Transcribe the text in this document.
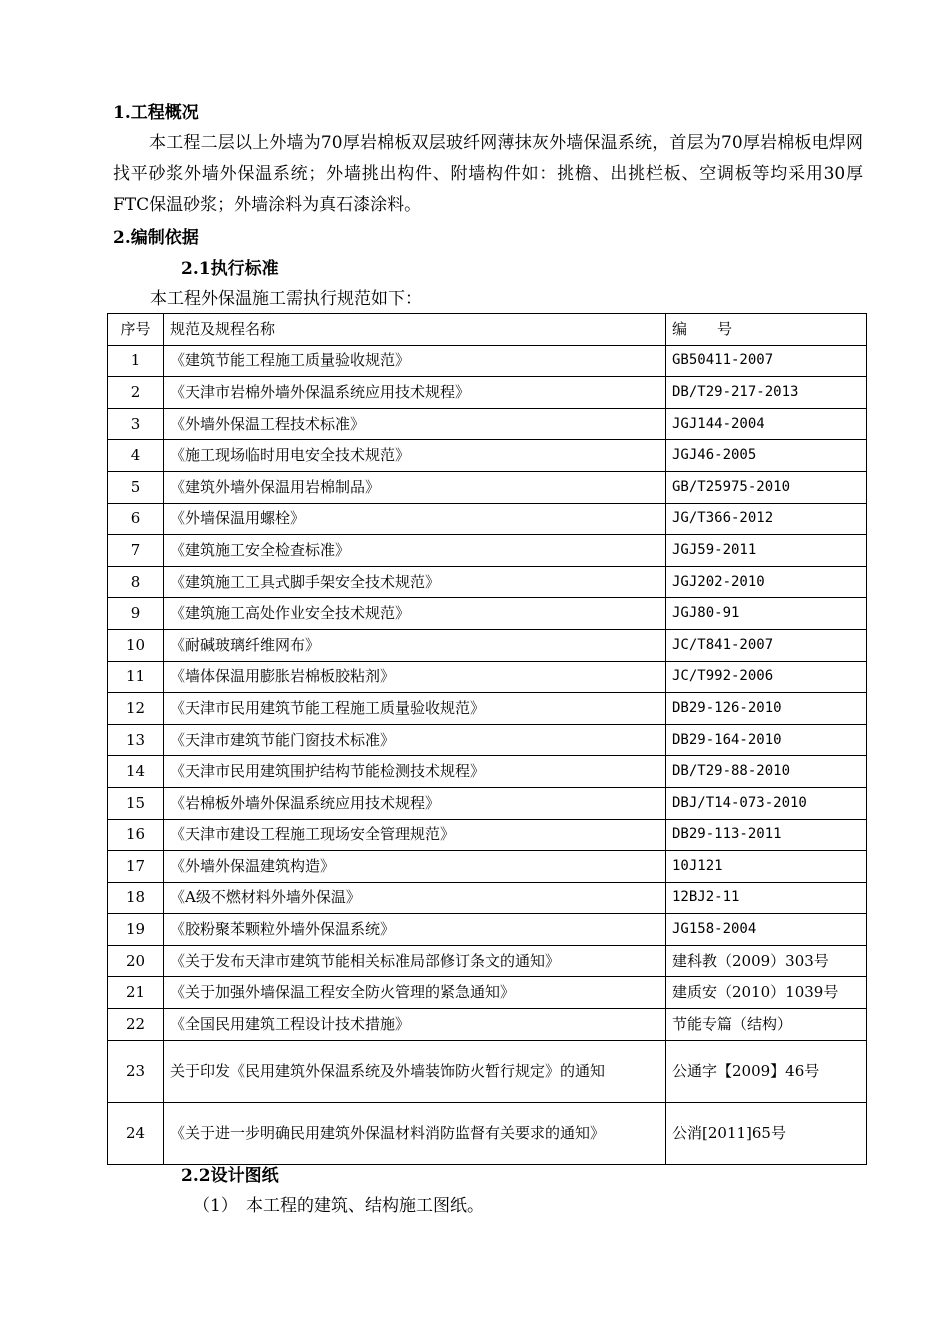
1.工程概况
本工程二层以上外墙为70厚岩棉板双层玻纤网薄抹灰外墙保温系统，首层为70厚岩棉板电焊网找平砂浆外墙外保温系统；外墙挑出构件、附墙构件如：挑檐、出挑栏板、空调板等均采用30厚FTC保温砂浆；外墙涂料为真石漆涂料。
2.编制依据
2.1执行标准
本工程外保温施工需执行规范如下：
序号	规范及规程名称	编　　号
1	《建筑节能工程施工质量验收规范》	GB50411-2007
2	《天津市岩棉外墙外保温系统应用技术规程》	DB/T29-217-2013
3	《外墙外保温工程技术标准》	JGJ144-2004
4	《施工现场临时用电安全技术规范》	JGJ46-2005
5	《建筑外墙外保温用岩棉制品》	GB/T25975-2010
6	《外墙保温用螺栓》	JG/T366-2012
7	《建筑施工安全检查标准》	JGJ59-2011
8	《建筑施工工具式脚手架安全技术规范》	JGJ202-2010
9	《建筑施工高处作业安全技术规范》	JGJ80-91
10	《耐碱玻璃纤维网布》	JC/T841-2007
11	《墙体保温用膨胀岩棉板胶粘剂》	JC/T992-2006
12	《天津市民用建筑节能工程施工质量验收规范》	DB29-126-2010
13	《天津市建筑节能门窗技术标准》	DB29-164-2010
14	《天津市民用建筑围护结构节能检测技术规程》	DB/T29-88-2010
15	《岩棉板外墙外保温系统应用技术规程》	DBJ/T14-073-2010
16	《天津市建设工程施工现场安全管理规范》	DB29-113-2011
17	《外墙外保温建筑构造》	10J121
18	《A级不燃材料外墙外保温》	12BJ2-11
19	《胶粉聚苯颗粒外墙外保温系统》	JG158-2004
20	《关于发布天津市建筑节能相关标准局部修订条文的通知》	建科教（2009）303号
21	《关于加强外墙保温工程安全防火管理的紧急通知》	建质安（2010）1039号
22	《全国民用建筑工程设计技术措施》	节能专篇（结构）
23	关于印发《民用建筑外保温系统及外墙装饰防火暂行规定》的通知	公通字【2009】46号
24	《关于进一步明确民用建筑外保温材料消防监督有关要求的通知》	公消[2011]65号
2.2设计图纸
（1） 本工程的建筑、结构施工图纸。
